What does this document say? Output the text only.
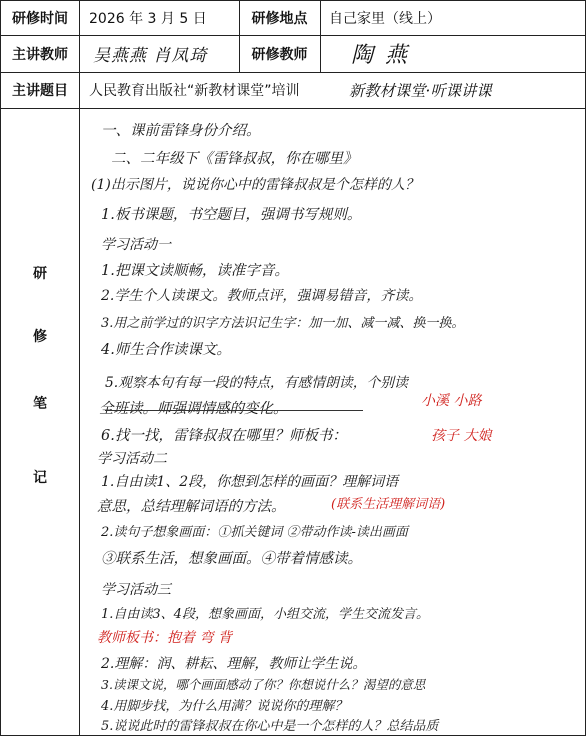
研修时间	2026 年 3 月 5 日	研修地点	自己家里（线上）
主讲教师	吴燕燕 肖凤琦	研修教师	陶燕
主讲题目	人民教育出版社“新教材课堂”培训	新教材课堂·听课讲课
研
修
笔
记
一、课前雷锋身份介绍。
二、二年级下《雷锋叔叔，你在哪里》
(1)出示图片，说说你心中的雷锋叔叔是个怎样的人？
1.板书课题，书空题目，强调书写规则。
学习活动一
1.把课文读顺畅，读准字音。
2.学生个人读课文。教师点评，强调易错音，齐读。
3.用之前学过的识字方法识记生字：加一加、减一减、换一换。
4.师生合作读课文。
5.观察本句有每一段的特点，有感情朗读，个别读
全班读。师强调情感的变化。	小溪 小路
6.找一找，雷锋叔叔在哪里？师板书：	孩子 大娘
学习活动二
1.自由读1、2段，你想到怎样的画面？理解词语
意思，总结理解词语的方法。	(联系生活理解词语)
2.读句子想象画面：①抓关键词 ②带动作读-读出画面
③联系生活，想象画面。④带着情感读。
学习活动三
1.自由读3、4段，想象画面，小组交流，学生交流发言。
教师板书：抱着 弯 背
2.理解：润、耕耘、理解，教师让学生说。
3.读课文说，哪个画面感动了你？你想说什么？渴望的意思
4.用脚步找，为什么用满？说说你的理解？
5.说说此时的雷锋叔叔在你心中是一个怎样的人？总结品质
